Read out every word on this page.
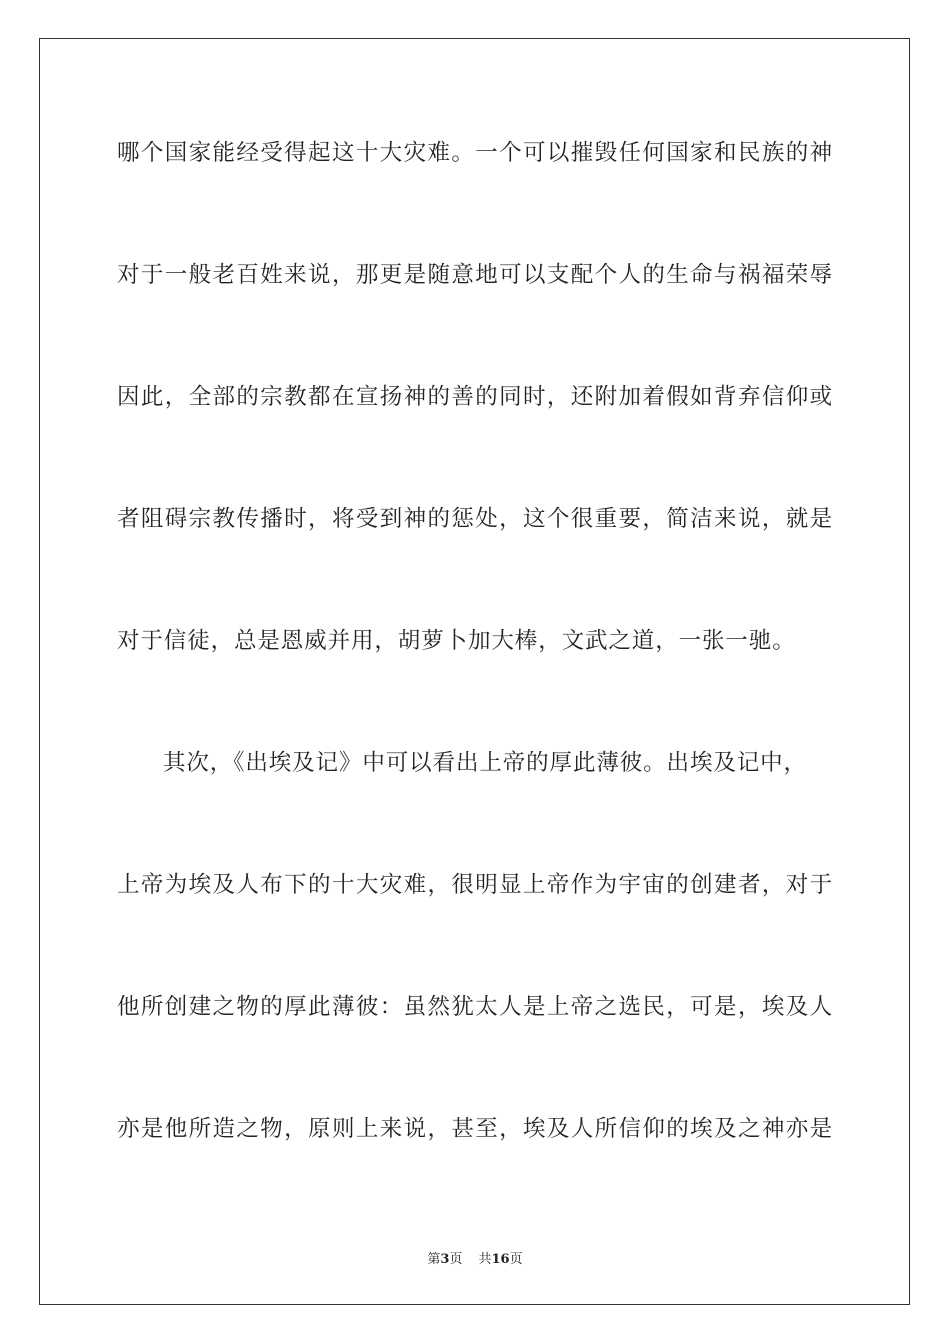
哪个国家能经受得起这十大灾难。一个可以摧毁任何国家和民族的神
对于一般老百姓来说，那更是随意地可以支配个人的生命与祸福荣辱
因此，全部的宗教都在宣扬神的善的同时，还附加着假如背弃信仰或
者阻碍宗教传播时，将受到神的惩处，这个很重要，简洁来说，就是
对于信徒，总是恩威并用，胡萝卜加大棒，文武之道，一张一驰。
其次，《出埃及记》中可以看出上帝的厚此薄彼。出埃及记中，
上帝为埃及人布下的十大灾难，很明显上帝作为宇宙的创建者，对于
他所创建之物的厚此薄彼：虽然犹太人是上帝之选民，可是，埃及人
亦是他所造之物，原则上来说，甚至，埃及人所信仰的埃及之神亦是
第3页 共16页
